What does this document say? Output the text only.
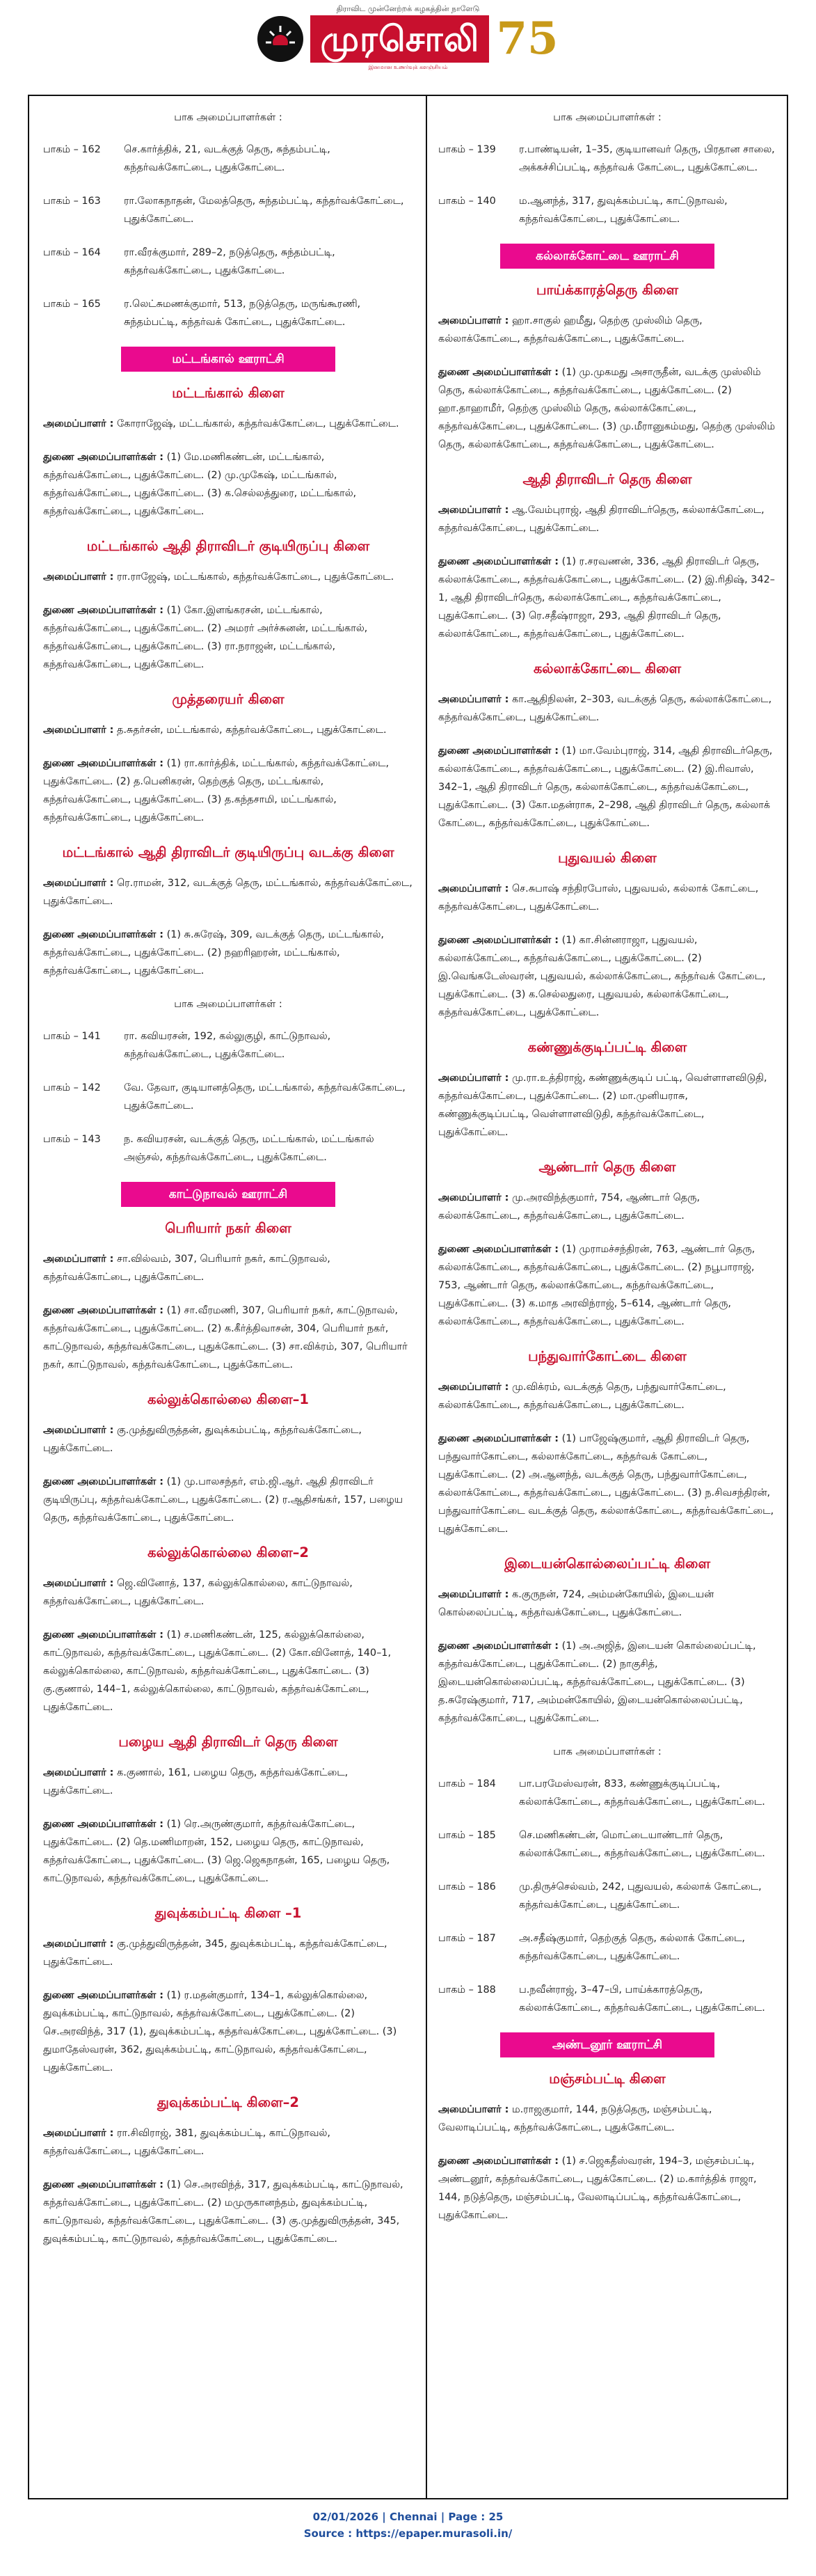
திராவிட முன்னேற்றக் கழகத்தின் நாளேடு
முரசொலி 75
இனமான உணர்வுக் களஞ்சியம்
பாக அமைப்பாளர்கள் :
பாகம் – 162	செ.கார்த்திக், 21, வடக்குத் தெரு, சுந்தம்பட்டி, கந்தர்வக்கோட்டை, புதுக்கோட்டை.
பாகம் – 163	ரா.லோகநாதன், மேலத்தெரு, சுந்தம்பட்டி, கந்தர்வக்கோட்டை, புதுக்கோட்டை.
பாகம் – 164	ரா.வீரக்குமார், 289–2, நடுத்தெரு, சுந்தம்பட்டி, கந்தர்வக்கோட்டை, புதுக்கோட்டை.
பாகம் – 165	ர.லெட்சுமணக்குமார், 513, நடுத்தெரு, மருங்கூரணி, சுந்தம்பட்டி, கந்தர்வக் கோட்டை, புதுக்கோட்டை.
மட்டங்கால் ஊராட்சி
மட்டங்கால் கிளை
அமைப்பாளர் : கோராஜேஷ், மட்டங்கால், கந்தர்வக்கோட்டை, புதுக்கோட்டை.
துணை அமைப்பாளர்கள் : (1) மே.மணிகண்டன், மட்டங்கால், கந்தர்வக்கோட்டை, புதுக்கோட்டை. (2) மு.முகேஷ், மட்டங்கால், கந்தர்வக்கோட்டை, புதுக்கோட்டை. (3) க.செல்லத்துரை, மட்டங்கால், கந்தர்வக்கோட்டை, புதுக்கோட்டை.
மட்டங்கால் ஆதி திராவிடர் குடியிருப்பு கிளை
அமைப்பாளர் : ரா.ராஜேஷ், மட்டங்கால், கந்தர்வக்கோட்டை, புதுக்கோட்டை.
துணை அமைப்பாளர்கள் : (1) கோ.இளங்கரசன், மட்டங்கால், கந்தர்வக்கோட்டை, புதுக்கோட்டை. (2) அமரர் அர்ச்சுனன், மட்டங்கால், கந்தர்வக்கோட்டை, புதுக்கோட்டை. (3) ரா.நராஜன், மட்டங்கால், கந்தர்வக்கோட்டை, புதுக்கோட்டை.
முத்தரையர் கிளை
அமைப்பாளர் : த.சுதர்சன், மட்டங்கால், கந்தர்வக்கோட்டை, புதுக்கோட்டை.
துணை அமைப்பாளர்கள் : (1) ரா.கார்த்திக், மட்டங்கால், கந்தர்வக்கோட்டை, புதுக்கோட்டை. (2) த.பெனிகரன், தெற்குத் தெரு, மட்டங்கால், கந்தர்வக்கோட்டை, புதுக்கோட்டை. (3) த.கந்தசாமி, மட்டங்கால், கந்தர்வக்கோட்டை, புதுக்கோட்டை.
மட்டங்கால் ஆதி திராவிடர் குடியிருப்பு வடக்கு கிளை
அமைப்பாளர் : ரெ.ராமன், 312, வடக்குத் தெரு, மட்டங்கால், கந்தர்வக்கோட்டை, புதுக்கோட்டை.
துணை அமைப்பாளர்கள் : (1) சு.சுரேஷ், 309, வடக்குத் தெரு, மட்டங்கால், கந்தர்வக்கோட்டை, புதுக்கோட்டை. (2) நஹரிஹரன், மட்டங்கால், கந்தர்வக்கோட்டை, புதுக்கோட்டை.
பாக அமைப்பாளர்கள் :
பாகம் – 141	ரா. கவியரசன், 192, கல்லுகுழி, காட்டுநாவல், கந்தர்வக்கோட்டை, புதுக்கோட்டை.
பாகம் – 142	வே. தேவா, குடியானத்தெரு, மட்டங்கால், கந்தர்வக்கோட்டை, புதுக்கோட்டை.
பாகம் – 143	ந. கவியரசன், வடக்குத் தெரு, மட்டங்கால், மட்டங்கால் அஞ்சல், கந்தர்வக்கோட்டை, புதுக்கோட்டை.
காட்டுநாவல் ஊராட்சி
பெரியார் நகர் கிளை
அமைப்பாளர் : சா.வில்வம், 307, பெரியார் நகர், காட்டுநாவல், கந்தர்வக்கோட்டை, புதுக்கோட்டை.
துணை அமைப்பாளர்கள் : (1) சா.வீரமணி, 307, பெரியார் நகர், காட்டுநாவல், கந்தர்வக்கோட்டை, புதுக்கோட்டை. (2) க.கீர்த்திவாசன், 304, பெரியார் நகர், காட்டுநாவல், கந்தர்வக்கோட்டை, புதுக்கோட்டை. (3) சா.விக்ரம், 307, பெரியார் நகர், காட்டுநாவல், கந்தர்வக்கோட்டை, புதுக்கோட்டை.
கல்லுக்கொல்லை கிளை–1
அமைப்பாளர் : கு.முத்துவிருத்தன், துவுக்கம்பட்டி, கந்தர்வக்கோட்டை, புதுக்கோட்டை.
துணை அமைப்பாளர்கள் : (1) மு.பாலசந்தர், எம்.ஜி.ஆர். ஆதி திராவிடர் குடியிருப்பு, கந்தர்வக்கோட்டை, புதுக்கோட்டை. (2) ர.ஆதிசங்கர், 157, பழைய தெரு, கந்தர்வக்கோட்டை, புதுக்கோட்டை.
கல்லுக்கொல்லை கிளை–2
அமைப்பாளர் : ஜெ.வினோத், 137, கல்லுக்கொல்லை, காட்டுநாவல், கந்தர்வக்கோட்டை, புதுக்கோட்டை.
துணை அமைப்பாளர்கள் : (1) ச.மணிகண்டன், 125, கல்லுக்கொல்லை, காட்டுநாவல், கந்தர்வக்கோட்டை, புதுக்கோட்டை. (2) கோ.வினோத், 140–1, கல்லுக்கொல்லை, காட்டுநாவல், கந்தர்வக்கோட்டை, புதுக்கோட்டை. (3) கு.குணால், 144–1, கல்லுக்கொல்லை, காட்டுநாவல், கந்தர்வக்கோட்டை, புதுக்கோட்டை.
பழைய ஆதி திராவிடர் தெரு கிளை
அமைப்பாளர் : க.குணால், 161, பழைய தெரு, கந்தர்வக்கோட்டை, புதுக்கோட்டை.
துணை அமைப்பாளர்கள் : (1) ரெ.அருண்குமார், கந்தர்வக்கோட்டை, புதுக்கோட்டை. (2) தெ.மணிமாறன், 152, பழைய தெரு, காட்டுநாவல், கந்தர்வக்கோட்டை, புதுக்கோட்டை. (3) ஜெ.ஜெகநாதன், 165, பழைய தெரு, காட்டுநாவல், கந்தர்வக்கோட்டை, புதுக்கோட்டை.
துவுக்கம்பட்டி கிளை –1
அமைப்பாளர் : கு.முத்துவிருத்தன், 345, துவுக்கம்பட்டி, கந்தர்வக்கோட்டை, புதுக்கோட்டை.
துணை அமைப்பாளர்கள் : (1) ர.மதன்குமார், 134–1, கல்லுக்கொல்லை, துவுக்கம்பட்டி, காட்டுநாவல், கந்தர்வக்கோட்டை, புதுக்கோட்டை. (2) செ.அரவிந்த், 317 (1), துவுக்கம்பட்டி, கந்தர்வக்கோட்டை, புதுக்கோட்டை. (3) துமாதேஸ்வரன், 362, துவுக்கம்பட்டி, காட்டுநாவல், கந்தர்வக்கோட்டை, புதுக்கோட்டை.
துவுக்கம்பட்டி கிளை–2
அமைப்பாளர் : ரா.சிவிராஜ், 381, துவுக்கம்பட்டி, காட்டுநாவல், கந்தர்வக்கோட்டை, புதுக்கோட்டை.
துணை அமைப்பாளர்கள் : (1) செ.அரவிந்த், 317, துவுக்கம்பட்டி, காட்டுநாவல், கந்தர்வக்கோட்டை, புதுக்கோட்டை. (2) மமுருகானந்தம், துவுக்கம்பட்டி, காட்டுநாவல், கந்தர்வக்கோட்டை, புதுக்கோட்டை. (3) கு.முத்துவிருத்தன், 345, துவுக்கம்பட்டி, காட்டுநாவல், கந்தர்வக்கோட்டை, புதுக்கோட்டை.
பாக அமைப்பாளர்கள் :
பாகம் – 139	ர.பாண்டியன், 1–35, குடியானவர் தெரு, பிரதான சாலை, அக்கச்சிப்பட்டி, கந்தர்வக் கோட்டை, புதுக்கோட்டை.
பாகம் – 140	ம.ஆனந்த், 317, துவுக்கம்பட்டி, காட்டுநாவல், கந்தர்வக்கோட்டை, புதுக்கோட்டை.
கல்லாக்கோட்டை ஊராட்சி
பாய்க்காரத்தெரு கிளை
அமைப்பாளர் : ஹா.சாகுல் ஹமீது, தெற்கு முஸ்லிம் தெரு, கல்லாக்கோட்டை, கந்தர்வக்கோட்டை, புதுக்கோட்டை.
துணை அமைப்பாளர்கள் : (1) மு.முகமது அசாருதீன், வடக்கு முஸ்லிம் தெரு, கல்லாக்கோட்டை, கந்தர்வக்கோட்டை, புதுக்கோட்டை. (2) ஹா.தாஹாமீர், தெற்கு முஸ்லிம் தெரு, கல்லாக்கோட்டை, கந்தர்வக்கோட்டை, புதுக்கோட்டை. (3) மு.மீரானுகம்மது, தெற்கு முஸ்லிம் தெரு, கல்லாக்கோட்டை, கந்தர்வக்கோட்டை, புதுக்கோட்டை.
ஆதி திராவிடர் தெரு கிளை
அமைப்பாளர் : ஆ.வேம்புராஜ், ஆதி திராவிடர்தெரு, கல்லாக்கோட்டை, கந்தர்வக்கோட்டை, புதுக்கோட்டை.
துணை அமைப்பாளர்கள் : (1) ர.சரவணன், 336, ஆதி திராவிடர் தெரு, கல்லாக்கோட்டை, கந்தர்வக்கோட்டை, புதுக்கோட்டை. (2) இ.ரிதிஷ், 342–1, ஆதி திராவிடர்தெரு, கல்லாக்கோட்டை, கந்தர்வக்கோட்டை, புதுக்கோட்டை. (3) ரெ.சதீஷ்ராஜா, 293, ஆதி திராவிடர் தெரு, கல்லாக்கோட்டை, கந்தர்வக்கோட்டை, புதுக்கோட்டை.
கல்லாக்கோட்டை கிளை
அமைப்பாளர் : கா.ஆதிநிலன், 2–303, வடக்குத் தெரு, கல்லாக்கோட்டை, கந்தர்வக்கோட்டை, புதுக்கோட்டை.
துணை அமைப்பாளர்கள் : (1) மா.வேம்புராஜ், 314, ஆதி திராவிடர்தெரு, கல்லாக்கோட்டை, கந்தர்வக்கோட்டை, புதுக்கோட்டை. (2) இ.ரிவாஸ், 342–1, ஆதி திராவிடர் தெரு, கல்லாக்கோட்டை, கந்தர்வக்கோட்டை, புதுக்கோட்டை. (3) கோ.மதன்ராசு, 2–298, ஆதி திராவிடர் தெரு, கல்லாக் கோட்டை, கந்தர்வக்கோட்டை, புதுக்கோட்டை.
புதுவயல் கிளை
அமைப்பாளர் : செ.சுபாஷ் சந்திரபோஸ், புதுவயல், கல்லாக் கோட்டை, கந்தர்வக்கோட்டை, புதுக்கோட்டை.
துணை அமைப்பாளர்கள் : (1) கா.சின்னராஜா, புதுவயல், கல்லாக்கோட்டை, கந்தர்வக்கோட்டை, புதுக்கோட்டை. (2) இ.வெங்கடேஸ்வரன், புதுவயல், கல்லாக்கோட்டை, கந்தர்வக் கோட்டை, புதுக்கோட்டை. (3) க.செல்லதுரை, புதுவயல், கல்லாக்கோட்டை, கந்தர்வக்கோட்டை, புதுக்கோட்டை.
கண்ணுக்குடிப்பட்டி கிளை
அமைப்பாளர் : மு.ரா.உத்திராஜ், கண்ணுக்குடிப் பட்டி, வெள்ளாளவிடுதி, கந்தர்வக்கோட்டை, புதுக்கோட்டை. (2) மா.முனியராசு, கண்ணுக்குடிப்பட்டி, வெள்ளாளவிடுதி, கந்தர்வக்கோட்டை, புதுக்கோட்டை.
ஆண்டார் தெரு கிளை
அமைப்பாளர் : மு.அரவிந்த்குமார், 754, ஆண்டார் தெரு, கல்லாக்கோட்டை, கந்தர்வக்கோட்டை, புதுக்கோட்டை.
துணை அமைப்பாளர்கள் : (1) முராமச்சந்திரன், 763, ஆண்டார் தெரு, கல்லாக்கோட்டை, கந்தர்வக்கோட்டை, புதுக்கோட்டை. (2) நபூபாராஜ், 753, ஆண்டார் தெரு, கல்லாக்கோட்டை, கந்தர்வக்கோட்டை, புதுக்கோட்டை. (3) க.மாத அரவிந்ராஜ், 5–614, ஆண்டார் தெரு, கல்லாக்கோட்டை, கந்தர்வக்கோட்டை, புதுக்கோட்டை.
பந்துவார்கோட்டை கிளை
அமைப்பாளர் : மு.விக்ரம், வடக்குத் தெரு, பந்துவார்கோட்டை, கல்லாக்கோட்டை, கந்தர்வக்கோட்டை, புதுக்கோட்டை.
துணை அமைப்பாளர்கள் : (1) பாஜேஷ்குமார், ஆதி திராவிடர் தெரு, பந்துவார்கோட்டை, கல்லாக்கோட்டை, கந்தர்வக் கோட்டை, புதுக்கோட்டை. (2) அ.ஆனந்த், வடக்குத் தெரு, பந்துவார்கோட்டை, கல்லாக்கோட்டை, கந்தர்வக்கோட்டை, புதுக்கோட்டை. (3) ந.சிவசந்திரன், பந்துவார்கோட்டை வடக்குத் தெரு, கல்லாக்கோட்டை, கந்தர்வக்கோட்டை, புதுக்கோட்டை.
இடையன்கொல்லைப்பட்டி கிளை
அமைப்பாளர் : க.குருநன், 724, அம்மன்கோயில், இடையன் கொல்லைப்பட்டி, கந்தர்வக்கோட்டை, புதுக்கோட்டை.
துணை அமைப்பாளர்கள் : (1) அ.அஜித், இடையன் கொல்லைப்பட்டி, கந்தர்வக்கோட்டை, புதுக்கோட்டை. (2) நாகுசித், இடையன்கொல்லைப்பட்டி, கந்தர்வக்கோட்டை, புதுக்கோட்டை. (3) த.சுரேஷ்குமார், 717, அம்மன்கோயில், இடையன்கொல்லைப்பட்டி, கந்தர்வக்கோட்டை, புதுக்கோட்டை.
பாக அமைப்பாளர்கள் :
பாகம் – 184	பா.பரமேஸ்வரன், 833, கண்ணுக்குடிப்பட்டி, கல்லாக்கோட்டை, கந்தர்வக்கோட்டை, புதுக்கோட்டை.
பாகம் – 185	செ.மணிகண்டன், மொட்டையாண்டார் தெரு, கல்லாக்கோட்டை, கந்தர்வக்கோட்டை, புதுக்கோட்டை.
பாகம் – 186	மு.திருச்செல்வம், 242, புதுவயல், கல்லாக் கோட்டை, கந்தர்வக்கோட்டை, புதுக்கோட்டை.
பாகம் – 187	அ.சதீஷ்குமார், தெற்குத் தெரு, கல்லாக் கோட்டை, கந்தர்வக்கோட்டை, புதுக்கோட்டை.
பாகம் – 188	ப.நவீன்ராஜ், 3–47–பி, பாய்க்காரத்தெரு, கல்லாக்கோட்டை, கந்தர்வக்கோட்டை, புதுக்கோட்டை.
அண்டனூர் ஊராட்சி
மஞ்சம்பட்டி கிளை
அமைப்பாளர் : ம.ராஜகுமார், 144, நடுத்தெரு, மஞ்சம்பட்டி, வேலாடிப்பட்டி, கந்தர்வக்கோட்டை, புதுக்கோட்டை.
துணை அமைப்பாளர்கள் : (1) ச.ஜெகதீஸ்வரன், 194–3, மஞ்சம்பட்டி, அண்டனூர், கந்தர்வக்கோட்டை, புதுக்கோட்டை. (2) ம.கார்த்திக் ராஜா, 144, நடுத்தெரு, மஞ்சம்பட்டி, வேலாடிப்பட்டி, கந்தர்வக்கோட்டை, புதுக்கோட்டை.
02/01/2026 | Chennai | Page : 25
Source : https://epaper.murasoli.in/
